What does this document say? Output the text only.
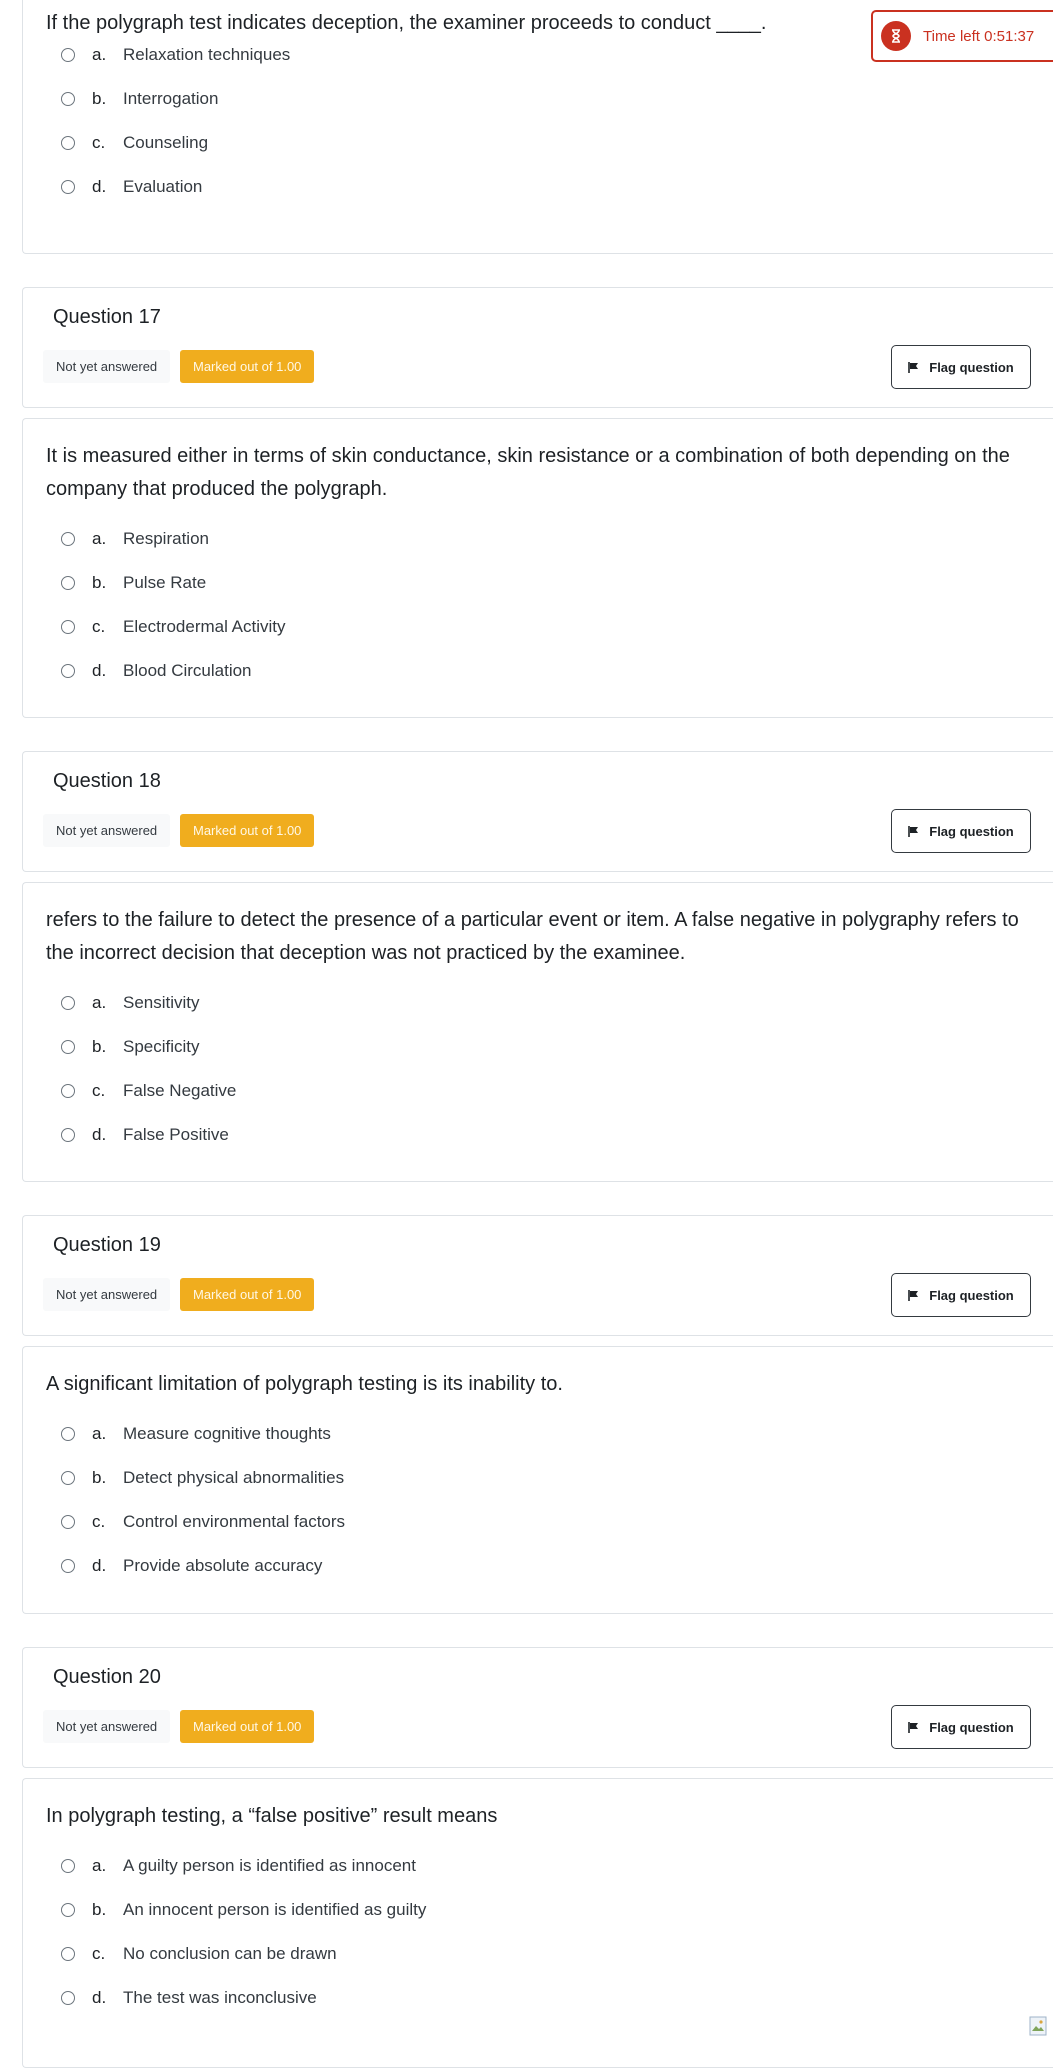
If the polygraph test indicates deception, the examiner proceeds to conduct ____.
a. Relaxation techniques
b. Interrogation
c.	Counseling
d. Evaluation
Time left 0:51:37
Question 17
Not yet answered	Marked out of 1.00	Flag question
It is measured either in terms of skin conductance, skin resistance or a combination of both depending on the company that produced the polygraph.
a. Respiration
b. Pulse Rate
c.	Electrodermal Activity
d. Blood Circulation
Question 18
Not yet answered	Marked out of 1.00	Flag question
refers to the failure to detect the presence of a particular event or item. A false negative in polygraphy refers to the incorrect decision that deception was not practiced by the examinee.
a. Sensitivity
b. Specificity
c.	False Negative
d. False Positive
Question 19
Not yet answered	Marked out of 1.00	Flag question
A significant limitation of polygraph testing is its inability to.
a. Measure cognitive thoughts
b. Detect physical abnormalities
c.	Control environmental factors
d. Provide absolute accuracy
Question 20
Not yet answered	Marked out of 1.00	Flag question
In polygraph testing, a “false positive” result means
a. A guilty person is identified as innocent
b. An innocent person is identified as guilty
c.	No conclusion can be drawn
d. The test was inconclusive
